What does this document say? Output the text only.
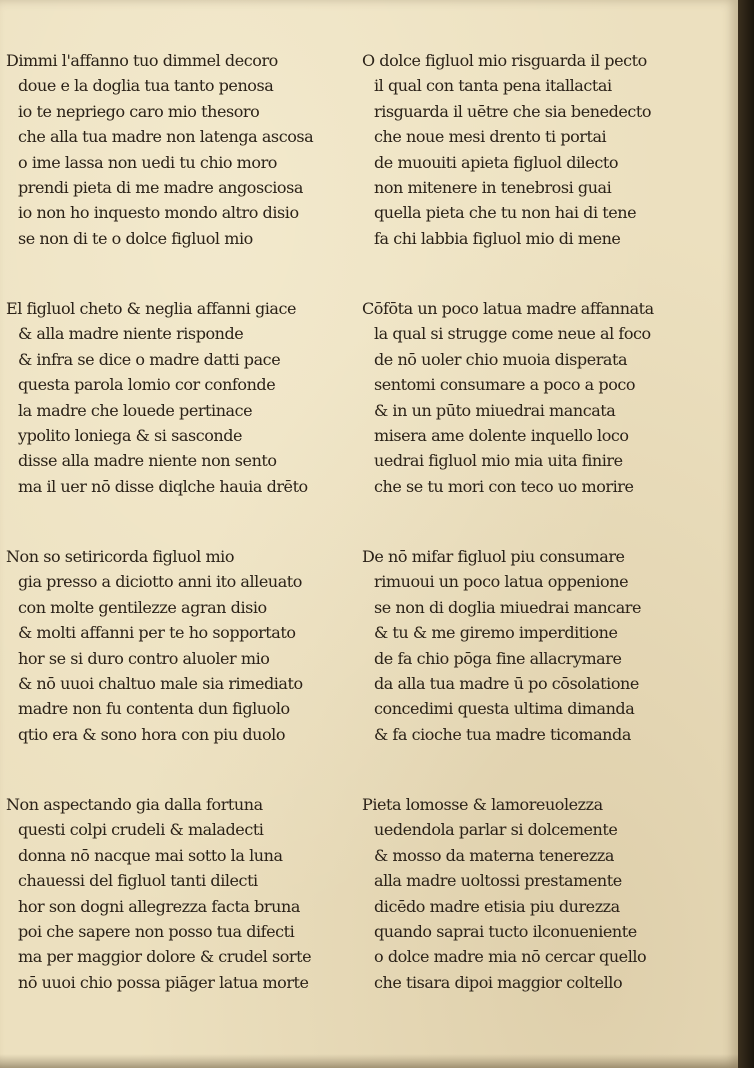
Dimmi l'affanno tuo dimmel decoro
doue e la doglia tua tanto penosa
io te nepriego caro mio thesoro
che alla tua madre non latenga ascosa
o ime lassa non uedi tu chio moro
prendi pieta di me madre angosciosa
io non ho inquesto mondo altro disio
se non di te o dolce figluol mio
El figluol cheto & neglia affanni giace
& alla madre niente risponde
& infra se dice o madre datti pace
questa parola lomio cor confonde
la madre che louede pertinace
ypolito loniega & si sasconde
disse alla madre niente non sento
ma il uer nō disse diqlche hauia drēto
Non so setiricorda figluol mio
gia presso a diciotto anni ito alleuato
con molte gentilezze agran disio
& molti affanni per te ho sopportato
hor se si duro contro aluoler mio
& nō uuoi chaltuo male sia rimediato
madre non fu contenta dun figluolo
qtio era & sono hora con piu duolo
Non aspectando gia dalla fortuna
questi colpi crudeli & maladecti
donna nō nacque mai sotto la luna
chauessi del figluol tanti dilecti
hor son dogni allegrezza facta bruna
poi che sapere non posso tua difecti
ma per maggior dolore & crudel sorte
nō uuoi chio possa piāger latua morte
O dolce figluol mio risguarda il pecto
il qual con tanta pena itallactai
risguarda il uētre che sia benedecto
che noue mesi drento ti portai
de muouiti apieta figluol dilecto
non mitenere in tenebrosi guai
quella pieta che tu non hai di tene
fa chi labbia figluol mio di mene
Cōfōta un poco latua madre affannata
la qual si strugge come neue al foco
de nō uoler chio muoia disperata
sentomi consumare a poco a poco
& in un pūto miuedrai mancata
misera ame dolente inquello loco
uedrai figluol mio mia uita finire
che se tu mori con teco uo morire
De nō mifar figluol piu consumare
rimuoui un poco latua oppenione
se non di doglia miuedrai mancare
& tu & me giremo imperditione
de fa chio pōga fine allacrymare
da alla tua madre ū po cōsolatione
concedimi questa ultima dimanda
& fa cioche tua madre ticomanda
Pieta lomosse & lamoreuolezza
uedendola parlar si dolcemente
& mosso da materna tenerezza
alla madre uoltossi prestamente
dicēdo madre etisia piu durezza
quando saprai tucto ilconueniente
o dolce madre mia nō cercar quello
che tisara dipoi maggior coltello
